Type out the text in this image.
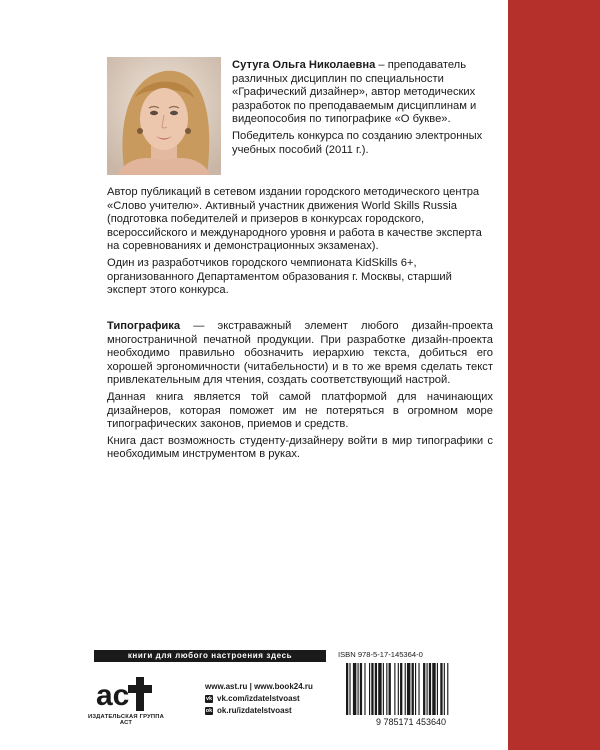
Сутуга Ольга Николаевна – преподаватель различных дисциплин по специальности «Графический дизайнер», автор методических разработок по преподаваемым дисциплинам и видеопособия по типографике «О букве».

Победитель конкурса по созданию электронных учебных пособий (2011 г.).

Автор публикаций в сетевом издании городского методического центра «Слово учителю». Активный участник движения World Skills Russia (подготовка победителей и призеров в конкурсах городского, всероссийского и международного уровня и работа в качестве эксперта на соревнованиях и демонстрационных экзаменах).

Один из разработчиков городского чемпионата KidSkills 6+, организованного Департаментом образования г. Москвы, старший эксперт этого конкурса.

Типографика — экстраважный элемент любого дизайн-проекта многостраничной печатной продукции. При разработке дизайн-проекта необходимо правильно обозначить иерархию текста, добиться его хорошей эргономичности (читабельности) и в то же время сделать текст привлекательным для чтения, создать соответствующий настрой.

Данная книга является той самой платформой для начинающих дизайнеров, которая поможет им не потеряться в огромном море типографических законов, приемов и средств.

Книга даст возможность студенту-дизайнеру войти в мир типографики с необходимым инструментом в руках.

книги для любого настроения здесь	ISBN 978-5-17-145364-0
ас
ИЗДАТЕЛЬСКАЯ ГРУППА АСТ
www.ast.ru | www.book24.ru
vk vk.com/izdatelstvoast
ok ok.ru/izdatelstvoast
9 785171 453640
